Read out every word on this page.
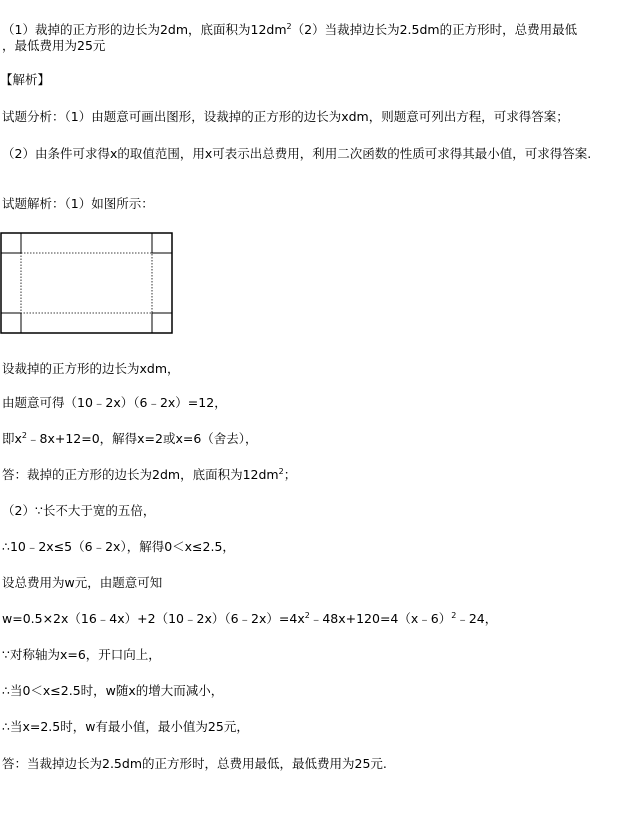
（1）裁掉的正方形的边长为2dm，底面积为$12dm^2(2)$当裁掉边长为2.5dm的正方形时，总费用最低
，最低费用为25元
【解析】
试题分析：（1）由题意可画出图形，设裁掉的正方形的边长为xdm，则题意可列出方程，可求得答案；
（2）由条件可求得x的取值范围，用x可表示出总费用，利用二次函数的性质可求得其最小值，可求得答案.
试题解析：（1）如图所示：
设裁掉的正方形的边长为xdm，
由题意可得（10﹣2x）（6﹣2x）=12，
即$x^2﹣8x+12=0$，解得x=2或x=6（舍去），
答：裁掉的正方形的边长为2dm，底面积为$12dm^2$；
（2）∵长不大于宽的五倍，
∴10﹣2x≤5（6﹣2x），解得0＜x≤2.5，
设总费用为w元，由题意可知
$w=0.5\times 2x(16﹣4x)+2(10﹣2x)(6﹣2x)=4x^2﹣48x+120=4(x﹣6)^2﹣24$，
∵对称轴为x=6，开口向上，
∴当0＜x≤2.5时，w随x的增大而减小，
∴当x=2.5时，w有最小值，最小值为25元，
答：当裁掉边长为2.5dm的正方形时，总费用最低，最低费用为25元.
